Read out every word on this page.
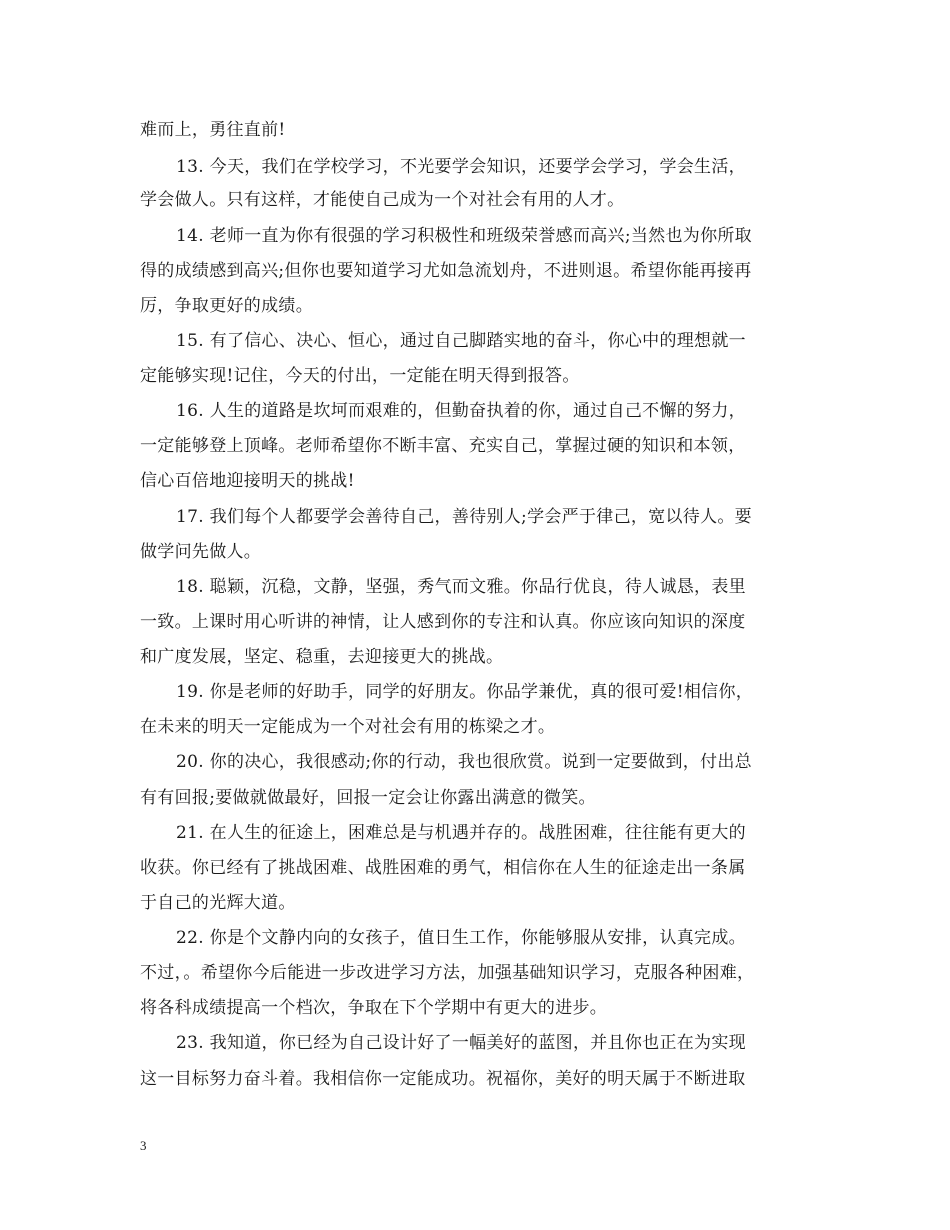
难而上，勇往直前!
13. 今天，我们在学校学习，不光要学会知识，还要学会学习，学会生活，
学会做人。只有这样，才能使自己成为一个对社会有用的人才。
14. 老师一直为你有很强的学习积极性和班级荣誉感而高兴;当然也为你所取
得的成绩感到高兴;但你也要知道学习尤如急流划舟，不进则退。希望你能再接再
厉，争取更好的成绩。
15. 有了信心、决心、恒心，通过自己脚踏实地的奋斗，你心中的理想就一
定能够实现!记住，今天的付出，一定能在明天得到报答。
16. 人生的道路是坎坷而艰难的，但勤奋执着的你，通过自己不懈的努力，
一定能够登上顶峰。老师希望你不断丰富、充实自己，掌握过硬的知识和本领，
信心百倍地迎接明天的挑战!
17. 我们每个人都要学会善待自己，善待别人;学会严于律己，宽以待人。要
做学问先做人。
18. 聪颖，沉稳，文静，坚强，秀气而文雅。你品行优良，待人诚恳，表里
一致。上课时用心听讲的神情，让人感到你的专注和认真。你应该向知识的深度
和广度发展，坚定、稳重，去迎接更大的挑战。
19. 你是老师的好助手，同学的好朋友。你品学兼优，真的很可爱!相信你，
在未来的明天一定能成为一个对社会有用的栋梁之才。
20. 你的决心，我很感动;你的行动，我也很欣赏。说到一定要做到，付出总
有有回报;要做就做最好，回报一定会让你露出满意的微笑。
21. 在人生的征途上，困难总是与机遇并存的。战胜困难，往往能有更大的
收获。你已经有了挑战困难、战胜困难的勇气，相信你在人生的征途走出一条属
于自己的光辉大道。
22. 你是个文静内向的女孩子，值日生工作，你能够服从安排，认真完成。
不过，。希望你今后能进一步改进学习方法，加强基础知识学习，克服各种困难，
将各科成绩提高一个档次，争取在下个学期中有更大的进步。
23. 我知道，你已经为自己设计好了一幅美好的蓝图，并且你也正在为实现
这一目标努力奋斗着。我相信你一定能成功。祝福你，美好的明天属于不断进取
3
